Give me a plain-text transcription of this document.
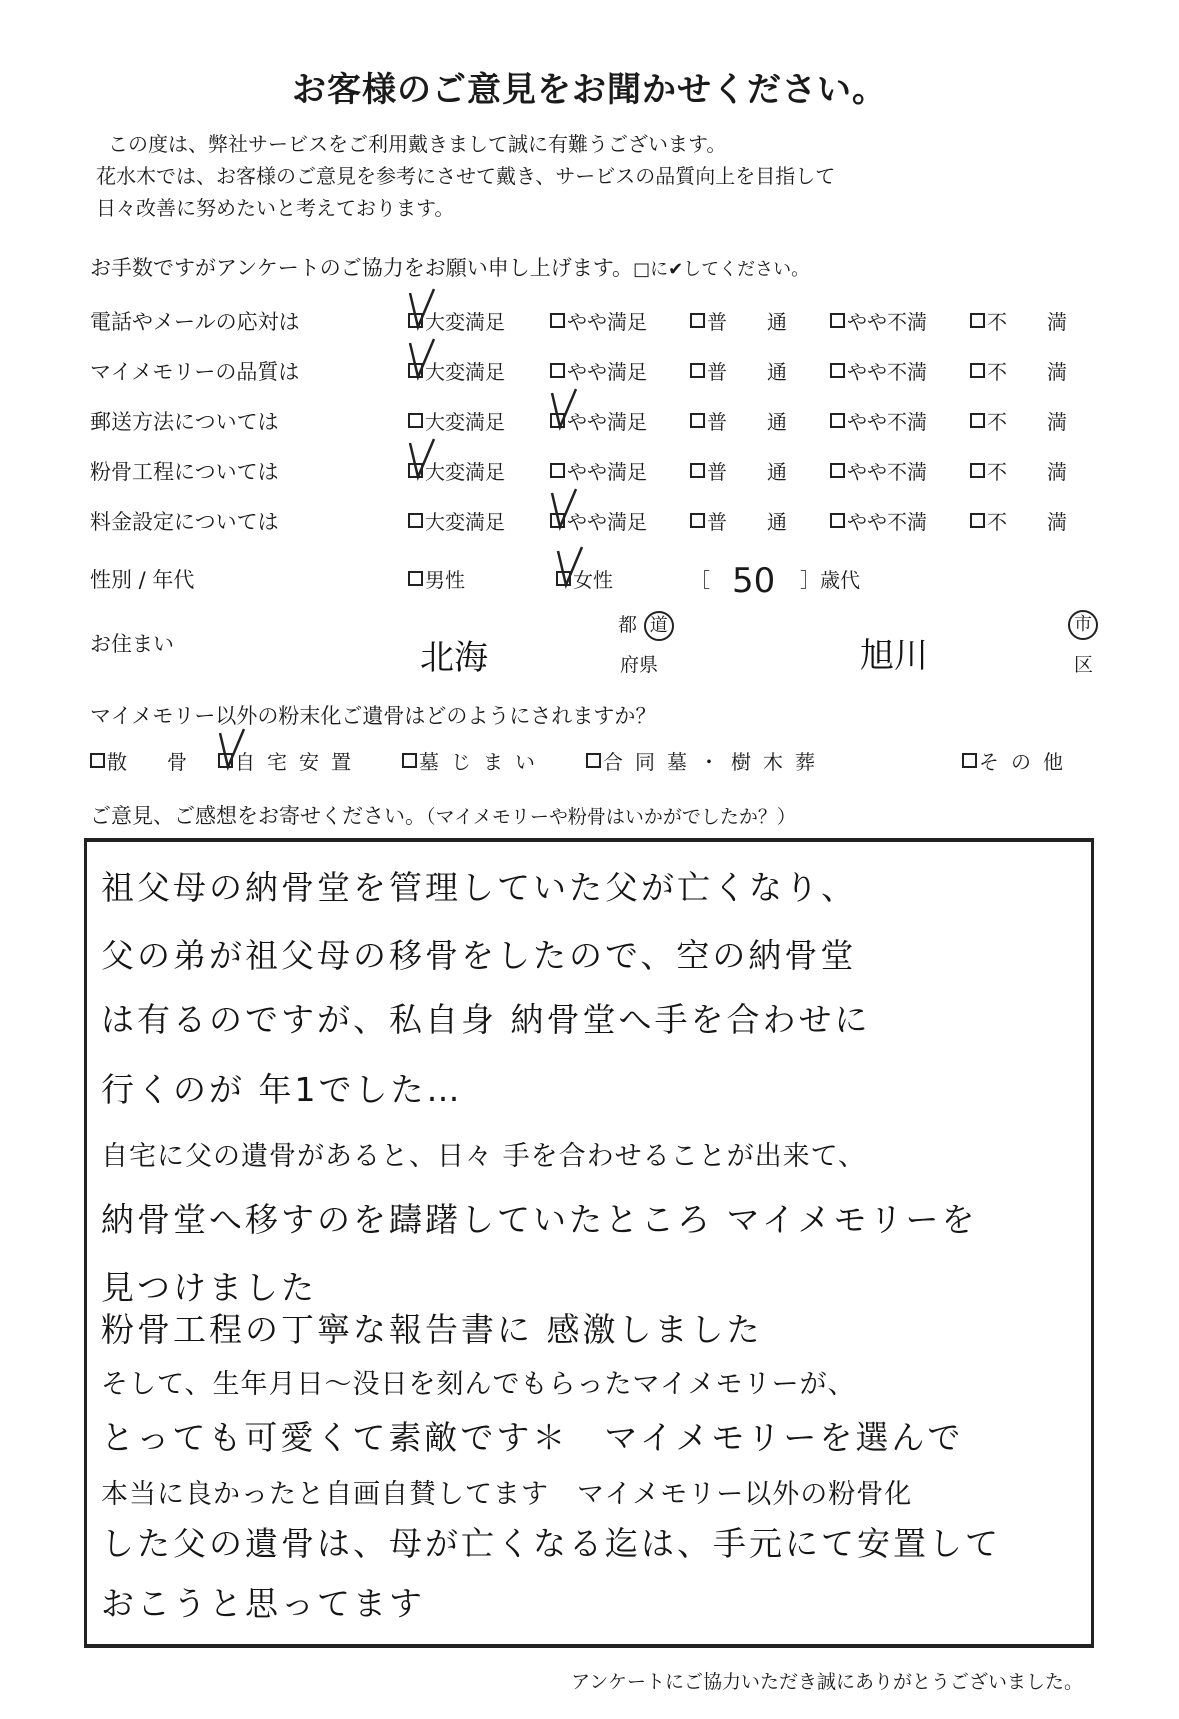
お客様のご意見をお聞かせください。
この度は、弊社サービスをご利用戴きまして誠に有難うございます。
花水木では、お客様のご意見を参考にさせて戴き、サービスの品質向上を目指して
日々改善に努めたいと考えております。
お手数ですがアンケートのご協力をお願い申し上げます。□に✔してください。
電話やメールの応対は	大変満足	やや満足	普　　通	やや不満	不　　満
マイメモリーの品質は	大変満足	やや満足	普　　通	やや不満	不　　満
郵送方法については	大変満足	やや満足	普　　通	やや不満	不　　満
粉骨工程については	大変満足	やや満足	普　　通	やや不満	不　　満
料金設定については	大変満足	やや満足	普　　通	やや不満	不　　満
性別 / 年代	男性	女性	［ 50 ］歳代
お住まい	北海
都 道
府県	旭川
市
区
マイメモリー以外の粉末化ご遺骨はどのようにされますか？
散　骨 自宅安置	墓じまい	合同墓・樹木葬	その他
ご意見、ご感想をお寄せください。（マイメモリーや粉骨はいかがでしたか？）
祖父母の納骨堂を管理していた父が亡くなり、
父の弟が祖父母の移骨をしたので、空の納骨堂
は有るのですが、私自身 納骨堂へ手を合わせに
行くのが 年1でした…
自宅に父の遺骨があると、日々 手を合わせることが出来て、
納骨堂へ移すのを躊躇していたところ マイメモリーを
見つけました
粉骨工程の丁寧な報告書に 感激しました
そして、生年月日～没日を刻んでもらったマイメモリーが、
とっても可愛くて素敵です＊　マイメモリーを選んで
本当に良かったと自画自賛してます　マイメモリー以外の粉骨化
した父の遺骨は、母が亡くなる迄は、手元にて安置して
おこうと思ってます
アンケートにご協力いただき誠にありがとうございました。
